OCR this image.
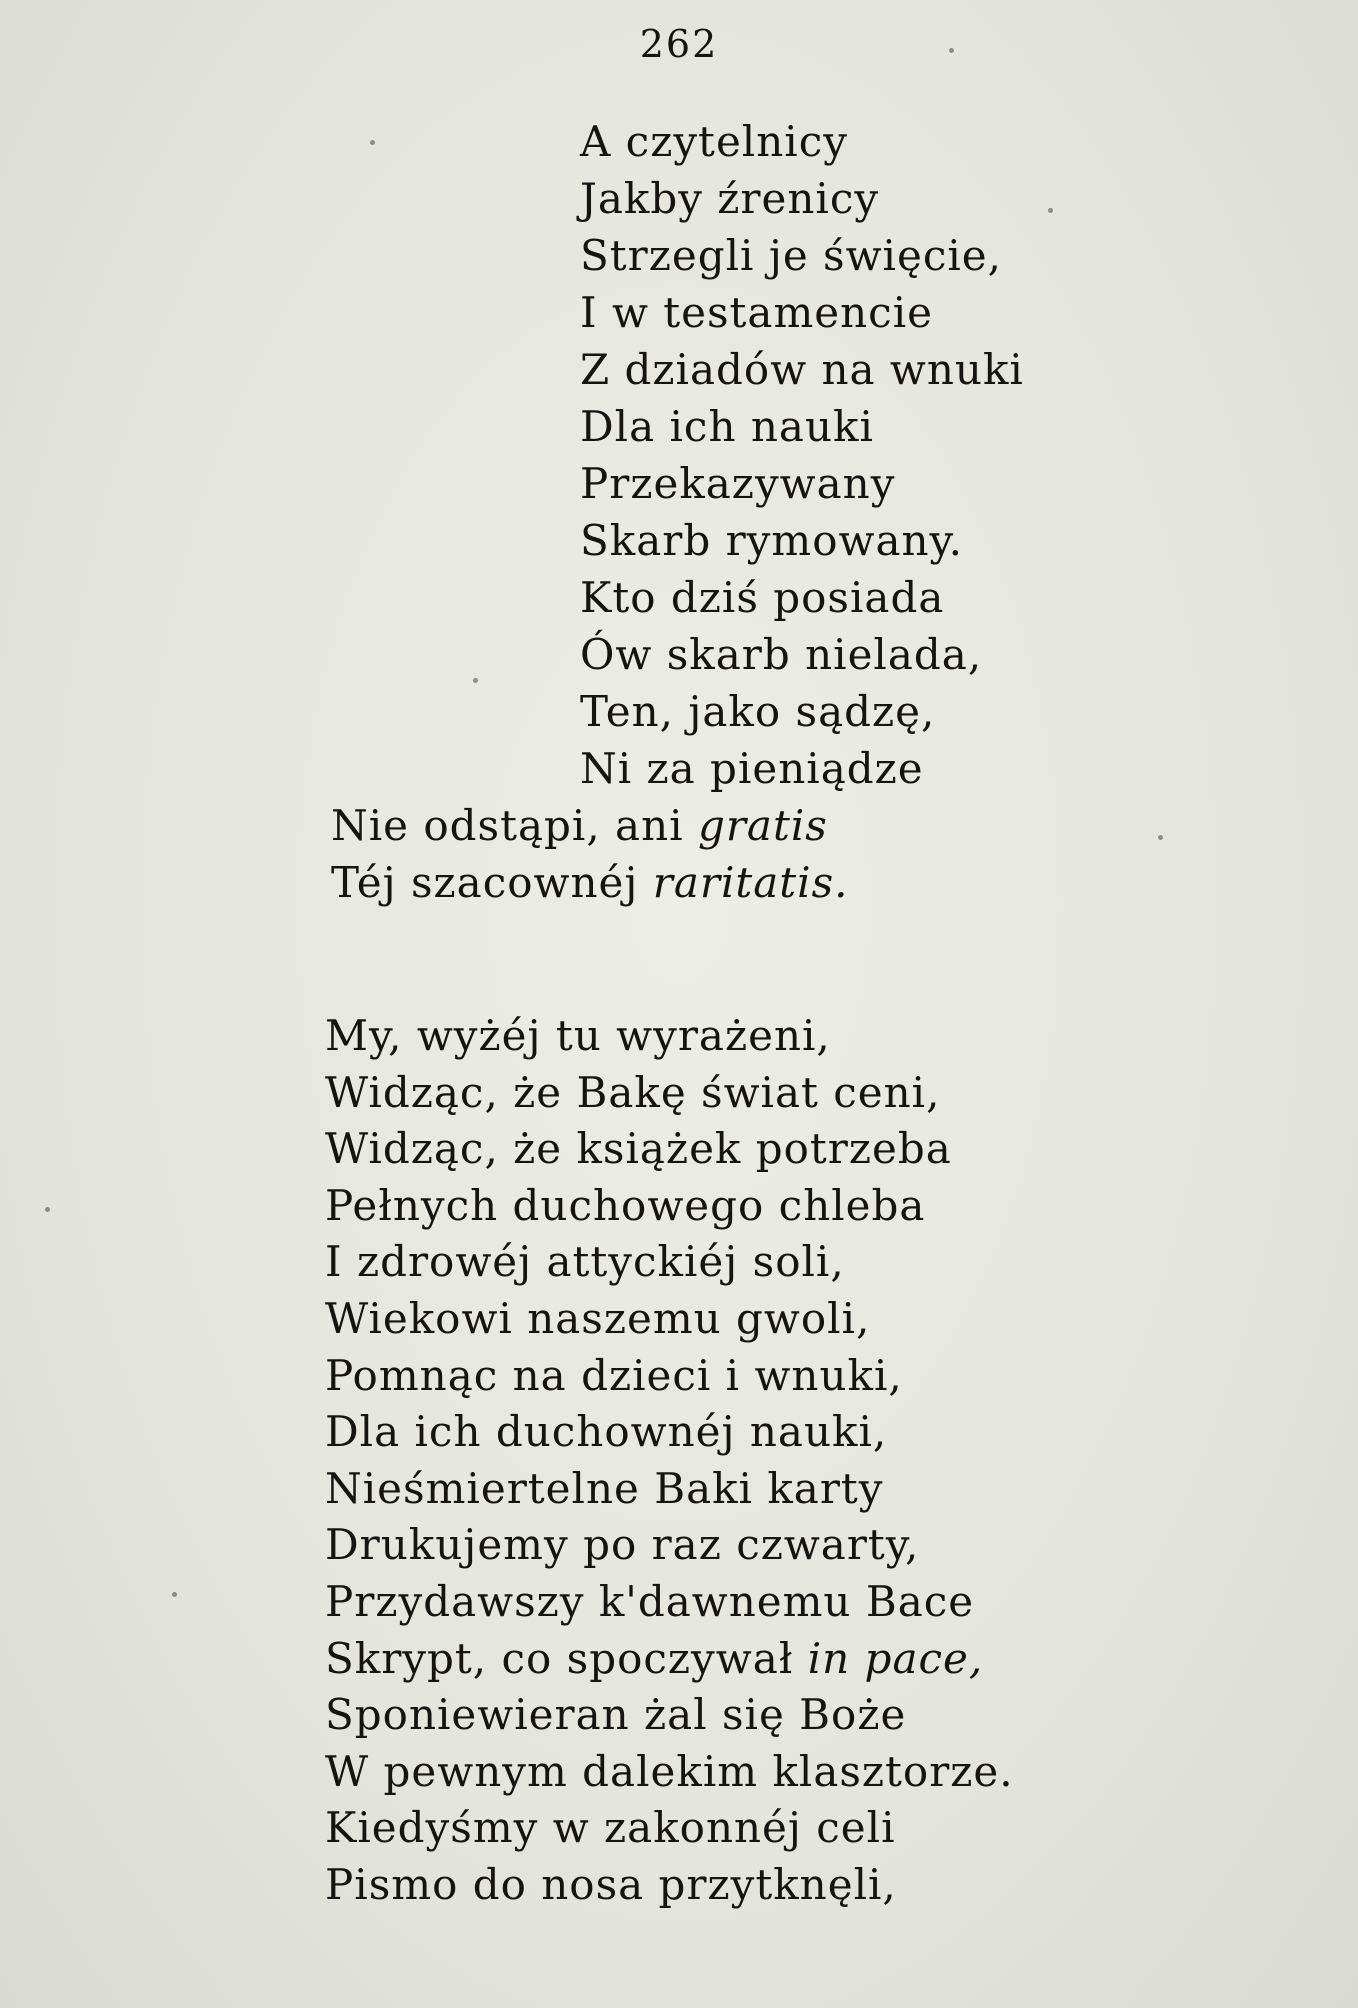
262
A czytelnicy
Jakby źrenicy
Strzegli je święcie,
I w testamencie
Z dziadów na wnuki
Dla ich nauki
Przekazywany
Skarb rymowany.
Kto dziś posiada
Ów skarb nielada,
Ten, jako sądzę,
Ni za pieniądze
Nie odstąpi, ani gratis
Téj szacownéj raritatis.
My, wyżéj tu wyrażeni,
Widząc, że Bakę świat ceni,
Widząc, że książek potrzeba
Pełnych duchowego chleba
I zdrowéj attyckiéj soli,
Wiekowi naszemu gwoli,
Pomnąc na dzieci i wnuki,
Dla ich duchownéj nauki,
Nieśmiertelne Baki karty
Drukujemy po raz czwarty,
Przydawszy k'dawnemu Bace
Skrypt, co spoczywał in pace,
Sponiewieran żal się Boże
W pewnym dalekim klasztorze.
Kiedyśmy w zakonnéj celi
Pismo do nosa przytknęli,
